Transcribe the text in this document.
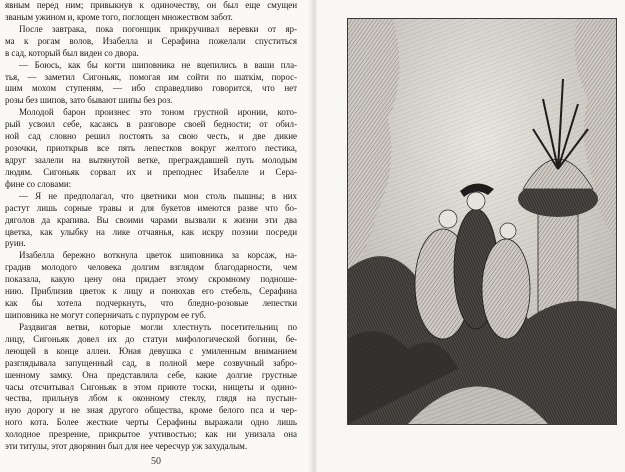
явным перед ним; привыкнув к одиночеству, он был еще смущен
званым ужином и, кроме того, поглощен множеством забот.
После завтрака, пока погонщик прикручивал веревки от яр-
ма к рогам волов, Изабелла и Серафина пожелали спуститься
в сад, который был виден со двора.
— Боюсь, как бы когти шиповника не вцепились в ваши пла-
тья, — заметил Сигоньяк, помогая им сойти по шаткім, порос-
шим мохом ступеням, — ибо справедливо говорится, что нет
розы без шипов, зато бывают шипы без роз.
Молодой барон произнес это тоном грустной иронии, кото-
рый усвоил себе, касаясь в разговоре своей бедности; от обил-
ной сад словно решил постоять за свою честь, и две дикие
розочки, приоткрыв все пять лепестков вокруг желтого пестика,
вдруг заалели на вытянутой ветке, преграждавшей путь молодым
людям. Сигоньяк сорвал их и преподнес Изабелле и Сера-
фине со словами:
— Я не предполагал, что цветники мои столь пышны; в них
растут лишь сорные травы и для букетов имеются разве что бо-
дяголов да крапива. Вы своими чарами вызвали к жизни эти два
цветка, как улыбку на лике отчаянья, как искру поэзии посреди
руин.
Изабелла бережно воткнула цветок шиповника за корсаж, на-
градив молодого человека долгим взглядом благодарности, чем
показала, какую цену она придает этому скромному подноше-
нию. Приблизив цветок к лицу и понюхав его стебель, Серафина
как бы хотела подчеркнуть, что бледно-розовые лепестки
шиповника не могут соперничать с пурпуром ее губ.
Раздвигая ветви, которые могли хлестнуть посетительниц по
лицу, Сигоньяк довел их до статуи мифологической богини, бе-
леющей в конце аллеи. Юная девушка с умиленным вниманием
разглядывала запущенный сад, в полной мере созвучный забро-
шенному замку. Она представляла себе, какие долгие грустные
часы отсчитывал Сигоньяк в этом приюте тоски, нищеты и одино-
чества, прильнув лбом к оконному стеклу, глядя на пустын-
ную дорогу и не зная другого общества, кроме белого пса и чер-
ного кота. Более жесткие черты Серафины выражали одно лишь
холодное презрение, прикрытое учтивостью; как ни унизала она
эти титулы, этот дворянин был для нее чересчур уж захудалым.
50
·
